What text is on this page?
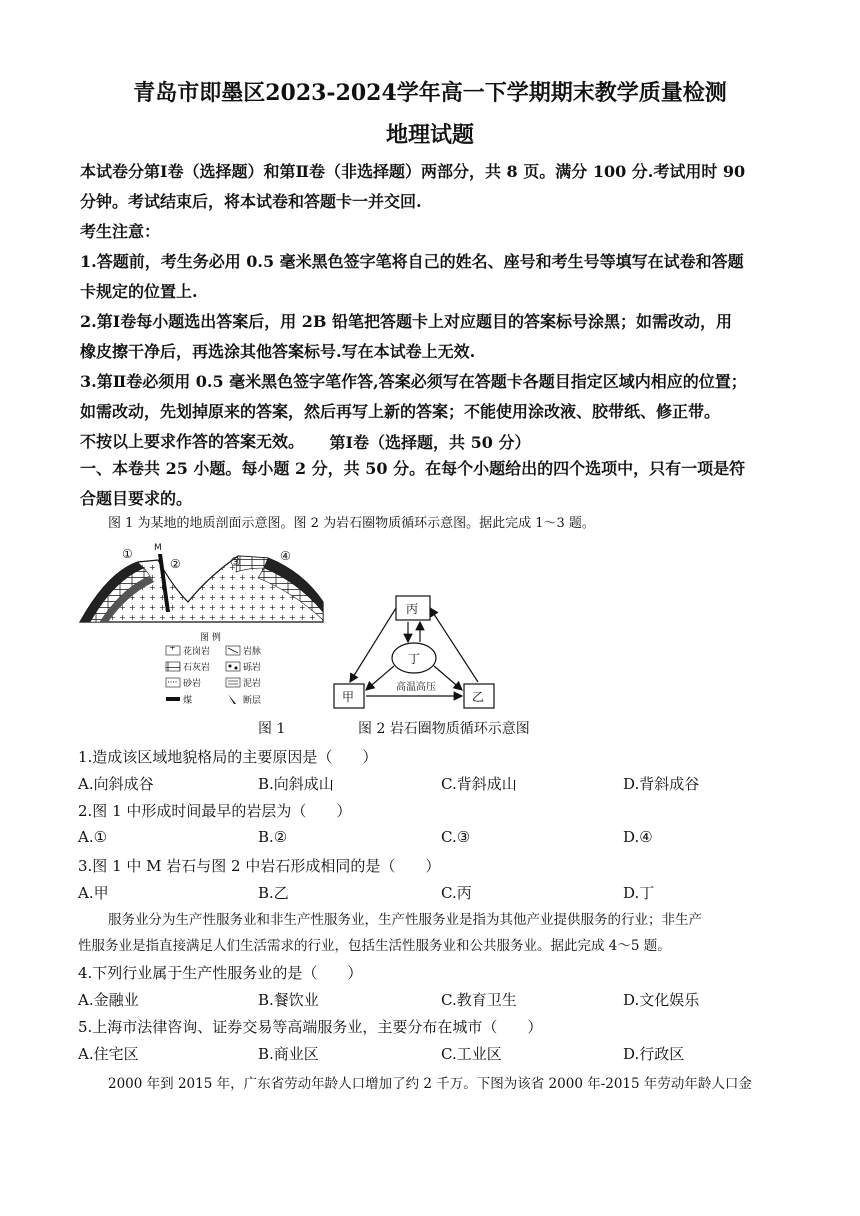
青岛市即墨区2023-2024学年高一下学期期末教学质量检测
地理试题
本试卷分第Ⅰ卷（选择题）和第Ⅱ卷（非选择题）两部分，共 8 页。满分 100 分.考试用时 90
分钟。考试结束后，将本试卷和答题卡一并交回.
考生注意：
1.答题前，考生务必用 0.5 毫米黑色签字笔将自己的姓名、座号和考生号等填写在试卷和答题
卡规定的位置上.
2.第Ⅰ卷每小题选出答案后，用 2B 铅笔把答题卡上对应题目的答案标号涂黑；如需改动，用
橡皮擦干净后，再选涂其他答案标号.写在本试卷上无效.
3.第Ⅱ卷必须用 0.5 毫米黑色签字笔作答,答案必须写在答题卡各题目指定区域内相应的位置；
如需改动，先划掉原来的答案，然后再写上新的答案；不能使用涂改液、胶带纸、修正带。
不按以上要求作答的答案无效。	第Ⅰ卷（选择题，共 50 分）
一、本卷共 25 小题。每小题 2 分，共 50 分。在每个小题给出的四个选项中，只有一项是符
合题目要求的。
图 1 为某地的地质剖面示意图。图 2 为岩石圈物质循环示意图。据此完成 1～3 题。
① M
②	③	④
图 例
花岗岩	岩脉
石灰岩	砾岩
砂岩	泥岩
煤	断层
丙
丁
甲	乙
高温高压
图 1	图 2 岩石圈物质循环示意图
1.造成该区域地貌格局的主要原因是（　　）
A.向斜成谷	B.向斜成山	C.背斜成山	D.背斜成谷
2.图 1 中形成时间最早的岩层为（　　）
A.①	B.②	C.③	D.④
3.图 1 中 M 岩石与图 2 中岩石形成相同的是（　　）
A.甲	B.乙	C.丙	D.丁
服务业分为生产性服务业和非生产性服务业，生产性服务业是指为其他产业提供服务的行业；非生产
性服务业是指直接满足人们生活需求的行业，包括生活性服务业和公共服务业。据此完成 4～5 题。
4.下列行业属于生产性服务业的是（　　）
A.金融业	B.餐饮业	C.教育卫生	D.文化娱乐
5.上海市法律咨询、证券交易等高端服务业，主要分布在城市（　　）
A.住宅区	B.商业区	C.工业区	D.行政区
2000 年到 2015 年，广东省劳动年龄人口增加了约 2 千万。下图为该省 2000 年-2015 年劳动年龄人口金
